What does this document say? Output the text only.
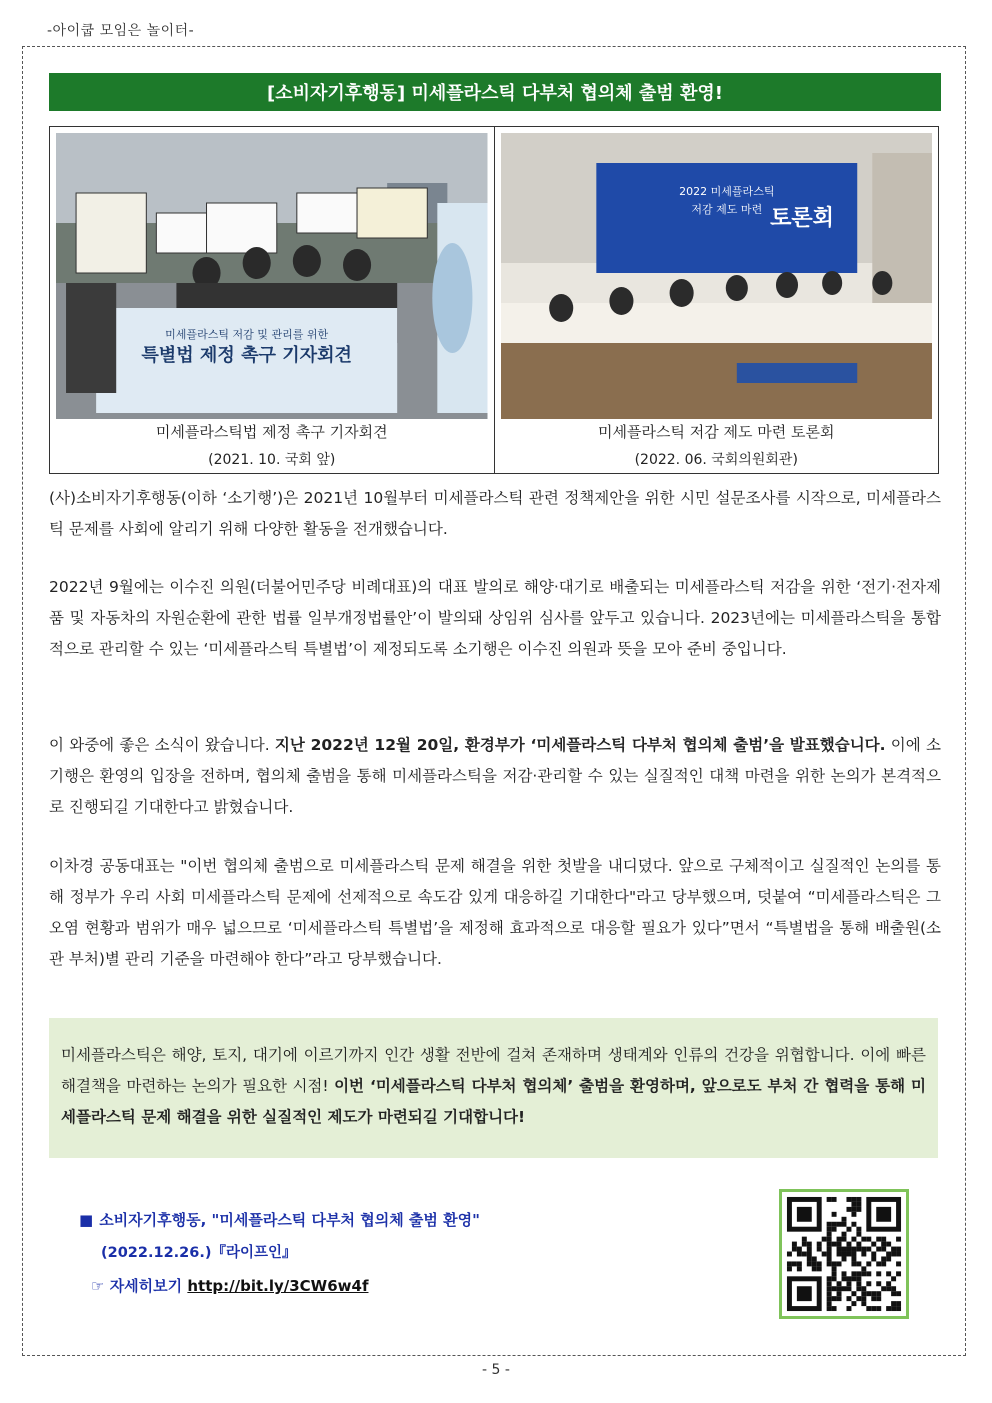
-아이쿱 모임은 놀이터-
[소비자기후행동] 미세플라스틱 다부처 협의체 출범 환영!
미세플라스틱 저감 및 관리를 위한
특별법 제정 촉구 기자회견
미세플라스틱법 제정 촉구 기자회견
(2021. 10. 국회 앞)
2022 미세플라스틱
저감 제도 마련 토론회
미세플라스틱 저감 제도 마련 토론회
(2022. 06. 국회의원회관)

(사)소비자기후행동(이하 ‘소기행’)은 2021년 10월부터 미세플라스틱 관련 정책제안을 위한 시민 설문조사를 시작으로, 미세플라스틱 문제를 사회에 알리기 위해 다양한 활동을 전개했습니다.

2022년 9월에는 이수진 의원(더불어민주당 비례대표)의 대표 발의로 해양·대기로 배출되는 미세플라스틱 저감을 위한 ‘전기·전자제품 및 자동차의 자원순환에 관한 법률 일부개정법률안’이 발의돼 상임위 심사를 앞두고 있습니다. 2023년에는 미세플라스틱을 통합적으로 관리할 수 있는 ‘미세플라스틱 특별법’이 제정되도록 소기행은 이수진 의원과 뜻을 모아 준비 중입니다.

이 와중에 좋은 소식이 왔습니다. 지난 2022년 12월 20일, 환경부가 ‘미세플라스틱 다부처 협의체 출범’을 발표했습니다. 이에 소기행은 환영의 입장을 전하며, 협의체 출범을 통해 미세플라스틱을 저감·관리할 수 있는 실질적인 대책 마련을 위한 논의가 본격적으로 진행되길 기대한다고 밝혔습니다.

이차경 공동대표는 "이번 협의체 출범으로 미세플라스틱 문제 해결을 위한 첫발을 내디뎠다. 앞으로 구체적이고 실질적인 논의를 통해 정부가 우리 사회 미세플라스틱 문제에 선제적으로 속도감 있게 대응하길 기대한다"라고 당부했으며, 덧붙여 “미세플라스틱은 그 오염 현황과 범위가 매우 넓으므로 ‘미세플라스틱 특별법’을 제정해 효과적으로 대응할 필요가 있다”면서 “특별법을 통해 배출원(소관 부처)별 관리 기준을 마련해야 한다”라고 당부했습니다.

미세플라스틱은 해양, 토지, 대기에 이르기까지 인간 생활 전반에 걸쳐 존재하며 생태계와 인류의 건강을 위협합니다. 이에 빠른 해결책을 마련하는 논의가 필요한 시점! 이번 ‘미세플라스틱 다부처 협의체’ 출범을 환영하며, 앞으로도 부처 간 협력을 통해 미세플라스틱 문제 해결을 위한 실질적인 제도가 마련되길 기대합니다!
■ 소비자기후행동, "미세플라스틱 다부처 협의체 출범 환영"
(2022.12.26.)『라이프인』
☞ 자세히보기 http://bit.ly/3CW6w4f
- 5 -
